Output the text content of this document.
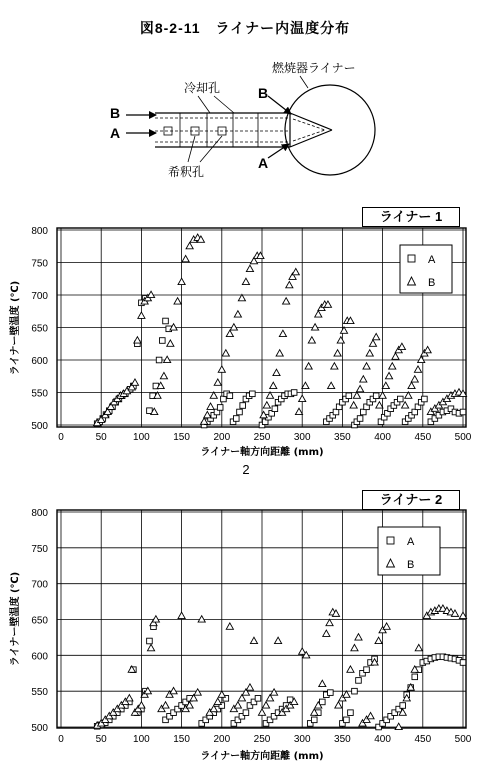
図8-2-11　ライナー内温度分布
B
A
冷却孔
希釈孔
B
A
燃焼器ライナー
ライナー 1
500
550
600
650
700
750
800
0	50	100 150 200 250 300 350 400 450 500
A
B
ライナー壁温度 (℃)
ライナー軸方向距離 (mm)
2
ライナー 2
500
550
600
650
700
750
800
0	50	100 150 200 250 300 350 400 450 500
A
B
ライナー壁温度 (℃)
ライナー軸方向距離 (mm)
